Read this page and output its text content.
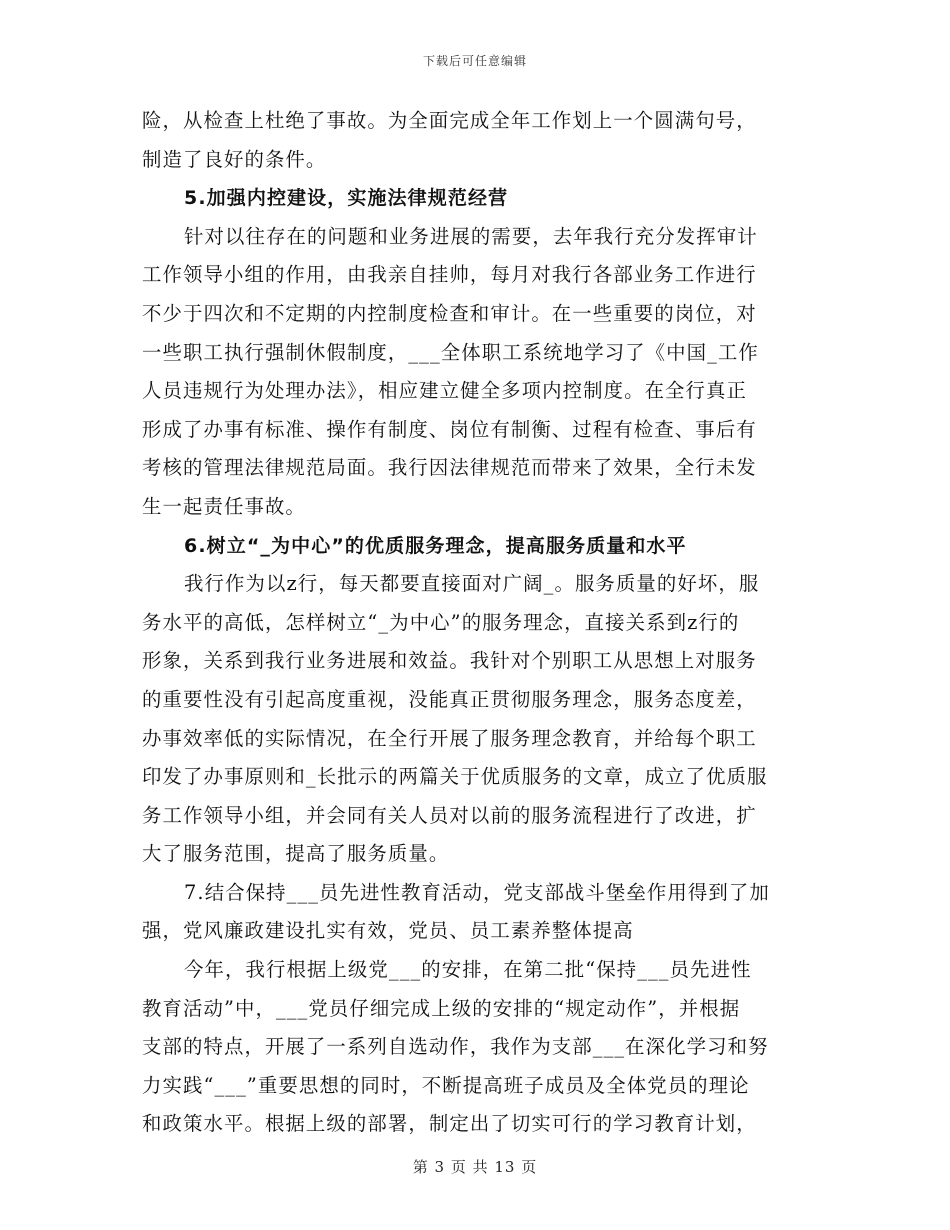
下载后可任意编辑
险，从检查上杜绝了事故。为全面完成全年工作划上一个圆满句号，
制造了良好的条件。
5.加强内控建设，实施法律规范经营
针对以往存在的问题和业务进展的需要，去年我行充分发挥审计
工作领导小组的作用，由我亲自挂帅，每月对我行各部业务工作进行
不少于四次和不定期的内控制度检查和审计。在一些重要的岗位，对
一些职工执行强制休假制度，___全体职工系统地学习了《中国_工作
人员违规行为处理办法》，相应建立健全多项内控制度。在全行真正
形成了办事有标准、操作有制度、岗位有制衡、过程有检查、事后有
考核的管理法律规范局面。我行因法律规范而带来了效果，全行未发
生一起责任事故。
6.树立“_为中心”的优质服务理念，提高服务质量和水平
我行作为以z行，每天都要直接面对广阔_。服务质量的好坏，服
务水平的高低，怎样树立“_为中心”的服务理念，直接关系到z行的
形象，关系到我行业务进展和效益。我针对个别职工从思想上对服务
的重要性没有引起高度重视，没能真正贯彻服务理念，服务态度差，
办事效率低的实际情况，在全行开展了服务理念教育，并给每个职工
印发了办事原则和_长批示的两篇关于优质服务的文章，成立了优质服
务工作领导小组，并会同有关人员对以前的服务流程进行了改进，扩
大了服务范围，提高了服务质量。
7.结合保持___员先进性教育活动，党支部战斗堡垒作用得到了加
强，党风廉政建设扎实有效，党员、员工素养整体提高
今年，我行根据上级党___的安排，在第二批“保持___员先进性
教育活动”中，___党员仔细完成上级的安排的“规定动作”，并根据
支部的特点，开展了一系列自选动作，我作为支部___在深化学习和努
力实践“___”重要思想的同时，不断提高班子成员及全体党员的理论
和政策水平。根据上级的部署，制定出了切实可行的学习教育计划，
第 3 页 共 13 页
